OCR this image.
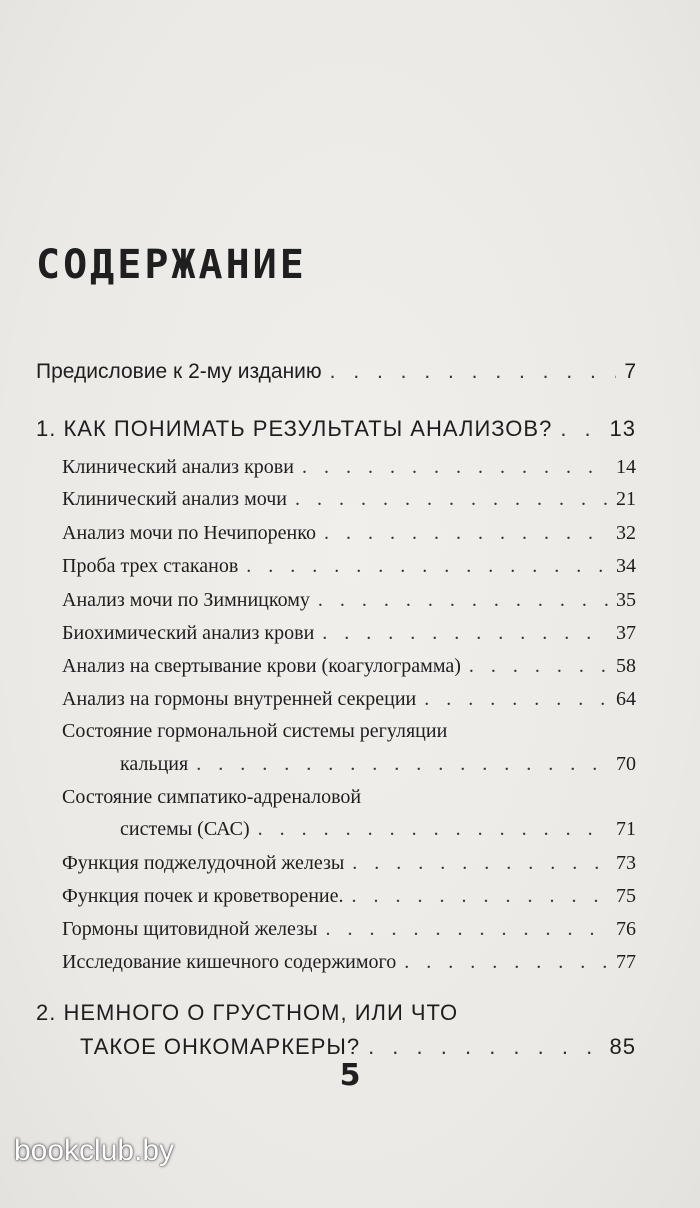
СОДЕРЖАНИЕ
Предисловие к 2-му изданию . . .	7
1. КАК ПОНИМАТЬ РЕЗУЛЬТАТЫ АНАЛИЗОВ? . . .	13
Клинический анализ крови . . .	14
Клинический анализ мочи . . .	21
Анализ мочи по Нечипоренко . . .	32
Проба трех стаканов . . .	34
Анализ мочи по Зимницкому . . .	35
Биохимический анализ крови . . .	37
Анализ на свертывание крови (коагулограмма) . . .	58
Анализ на гормоны внутренней секреции . . .	64
Состояние гормональной системы регуляции
кальция . . .	70
Состояние симпатико-адреналовой
системы (САС) . . .	71
Функция поджелудочной железы . . .	73
Функция почек и кроветворение. . . .	75
Гормоны щитовидной железы . . .	76
Исследование кишечного содержимого . . .	77
2. НЕМНОГО О ГРУСТНОМ, ИЛИ ЧТО
ТАКОЕ ОНКОМАРКЕРЫ? . . .	85
5
bookclub.by
